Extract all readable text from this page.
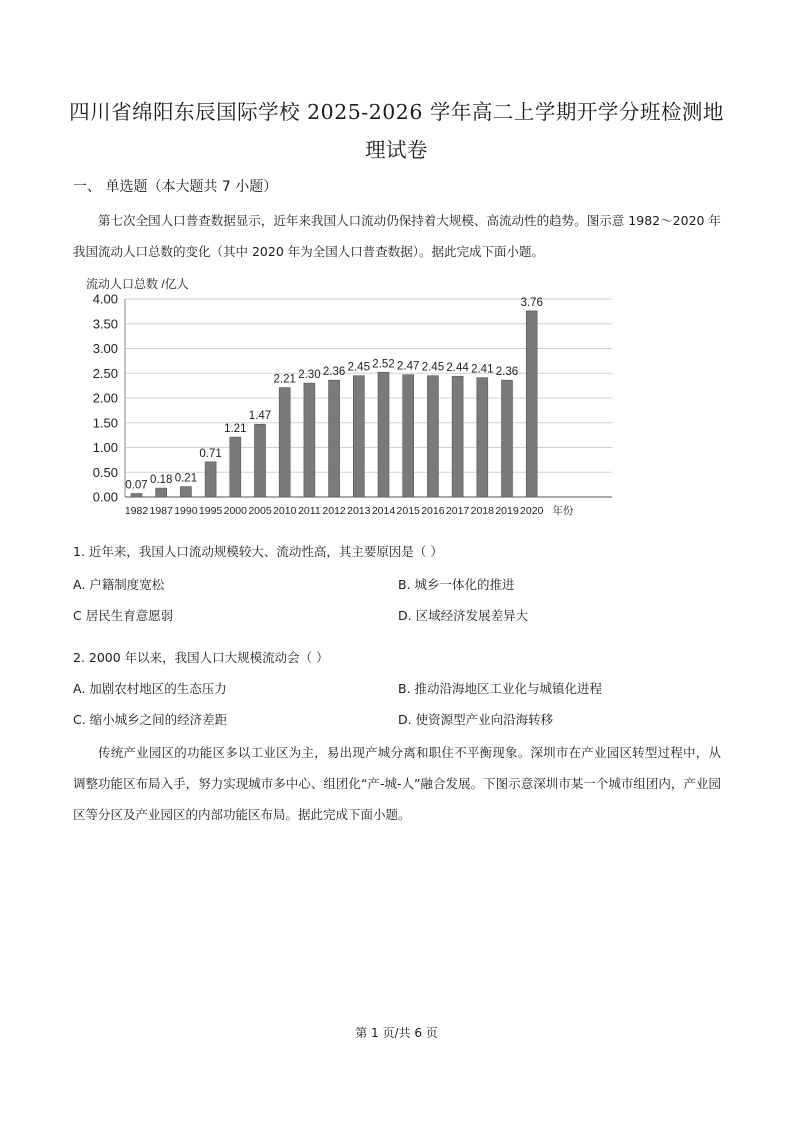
四川省绵阳东辰国际学校 2025-2026 学年高二上学期开学分班检测地
理试卷
一、 单选题（本大题共 7 小题）
第七次全国人口普查数据显示，近年来我国人口流动仍保持着大规模、高流动性的趋势。图示意 1982～2020 年我国流动人口总数的变化（其中 2020 年为全国人口普查数据）。据此完成下面小题。
流动人口总数 /亿人
0.00
0.50
1.00
1.50
2.00
2.50
3.00
3.50
4.00
0.07
1982
0.18
1987
0.21
1990
0.71
1995
1.21
2000
1.47
2005
2.21
2010
2.30
2011
2.36
2012
2.45
2013
2.52
2014
2.47
2015
2.45
2016
2.44
2017
2.41
2018
2.36
2019
3.76
2020 年份
1. 近年来，我国人口流动规模较大、流动性高，其主要原因是（ ）
A. 户籍制度宽松	B. 城乡一体化的推进
C 居民生育意愿弱	D. 区域经济发展差异大
2. 2000 年以来，我国人口大规模流动会（ ）
A. 加剧农村地区的生态压力	B. 推动沿海地区工业化与城镇化进程
C. 缩小城乡之间的经济差距	D. 使资源型产业向沿海转移
传统产业园区的功能区多以工业区为主，易出现产城分离和职住不平衡现象。深圳市在产业园区转型过程中，从调整功能区布局入手，努力实现城市多中心、组团化“产-城-人”融合发展。下图示意深圳市某一个城市组团内，产业园区等分区及产业园区的内部功能区布局。据此完成下面小题。
第 1 页/共 6 页
